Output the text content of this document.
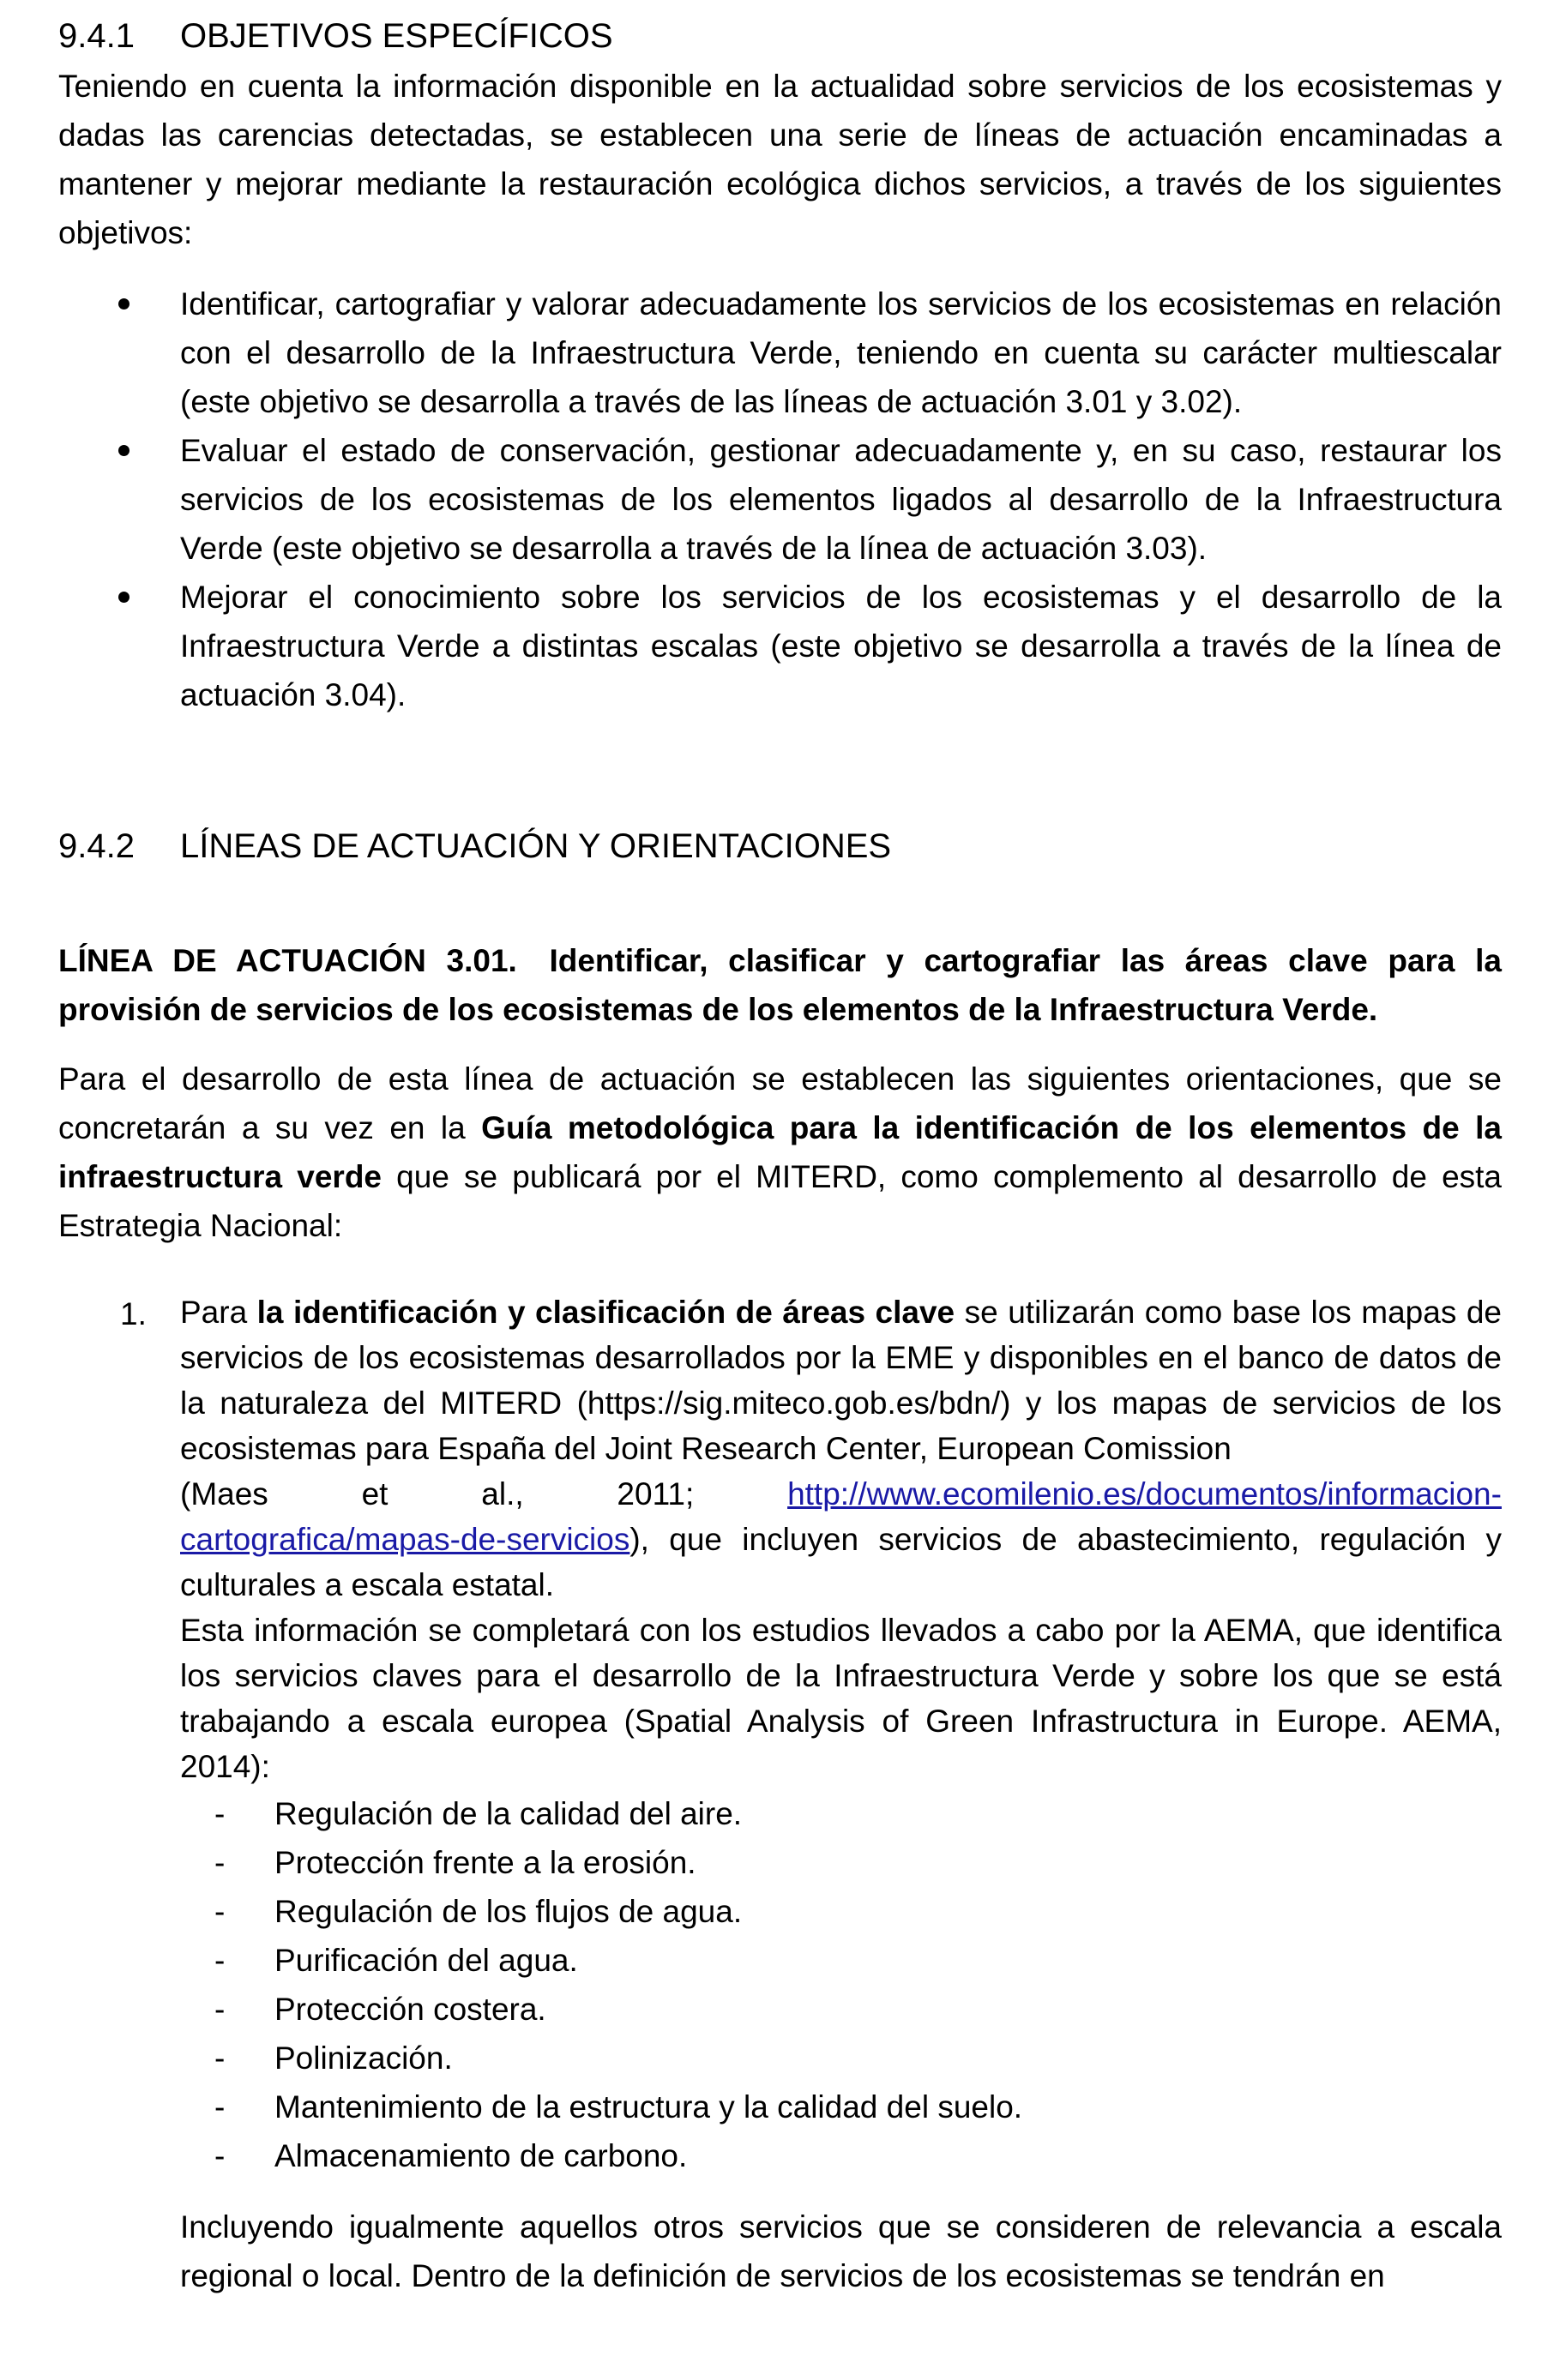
9.4.1	OBJETIVOS ESPECÍFICOS

Teniendo en cuenta la información disponible en la actualidad sobre servicios de los ecosistemas y dadas las carencias detectadas, se establecen una serie de líneas de actuación encaminadas a mantener y mejorar mediante la restauración ecológica dichos servicios, a través de los siguientes objetivos:

Identificar, cartografiar y valorar adecuadamente los servicios de los ecosistemas en relación con el desarrollo de la Infraestructura Verde, teniendo en cuenta su carácter multiescalar (este objetivo se desarrolla a través de las líneas de actuación 3.01 y 3.02).
Evaluar el estado de conservación, gestionar adecuadamente y, en su caso, restaurar los servicios de los ecosistemas de los elementos ligados al desarrollo de la Infraestructura Verde (este objetivo se desarrolla a través de la línea de actuación 3.03).
Mejorar el conocimiento sobre los servicios de los ecosistemas y el desarrollo de la Infraestructura Verde a distintas escalas (este objetivo se desarrolla a través de la línea de actuación 3.04).
9.4.2	LÍNEAS DE ACTUACIÓN Y ORIENTACIONES

LÍNEA DE ACTUACIÓN 3.01. Identificar, clasificar y cartografiar las áreas clave para la provisión de servicios de los ecosistemas de los elementos de la Infraestructura Verde.

Para el desarrollo de esta línea de actuación se establecen las siguientes orientaciones, que se concretarán a su vez en la Guía metodológica para la identificación de los elementos de la infraestructura verde que se publicará por el MITERD, como complemento al desarrollo de esta Estrategia Nacional:

1. Para la identificación y clasificación de áreas clave se utilizarán como base los mapas de servicios de los ecosistemas desarrollados por la EME y disponibles en el banco de datos de la naturaleza del MITERD (https://sig.miteco.gob.es/bdn/) y los mapas de servicios de los ecosistemas para España del Joint Research Center, European Comission

(Maes	et	al.,	2011;	http://www.ecomilenio.es/documentos/informacion-

cartografica/mapas-de-servicios), que incluyen servicios de abastecimiento, regulación y culturales a escala estatal.

Esta información se completará con los estudios llevados a cabo por la AEMA, que identifica los servicios claves para el desarrollo de la Infraestructura Verde y sobre los que se está trabajando a escala europea (Spatial Analysis of Green Infrastructura in Europe. AEMA, 2014):

- Regulación de la calidad del aire.
- Protección frente a la erosión.
- Regulación de los flujos de agua.
- Purificación del agua.
- Protección costera.
- Polinización.
- Mantenimiento de la estructura y la calidad del suelo.
- Almacenamiento de carbono.

Incluyendo igualmente aquellos otros servicios que se consideren de relevancia a escala regional o local. Dentro de la definición de servicios de los ecosistemas se tendrán en
